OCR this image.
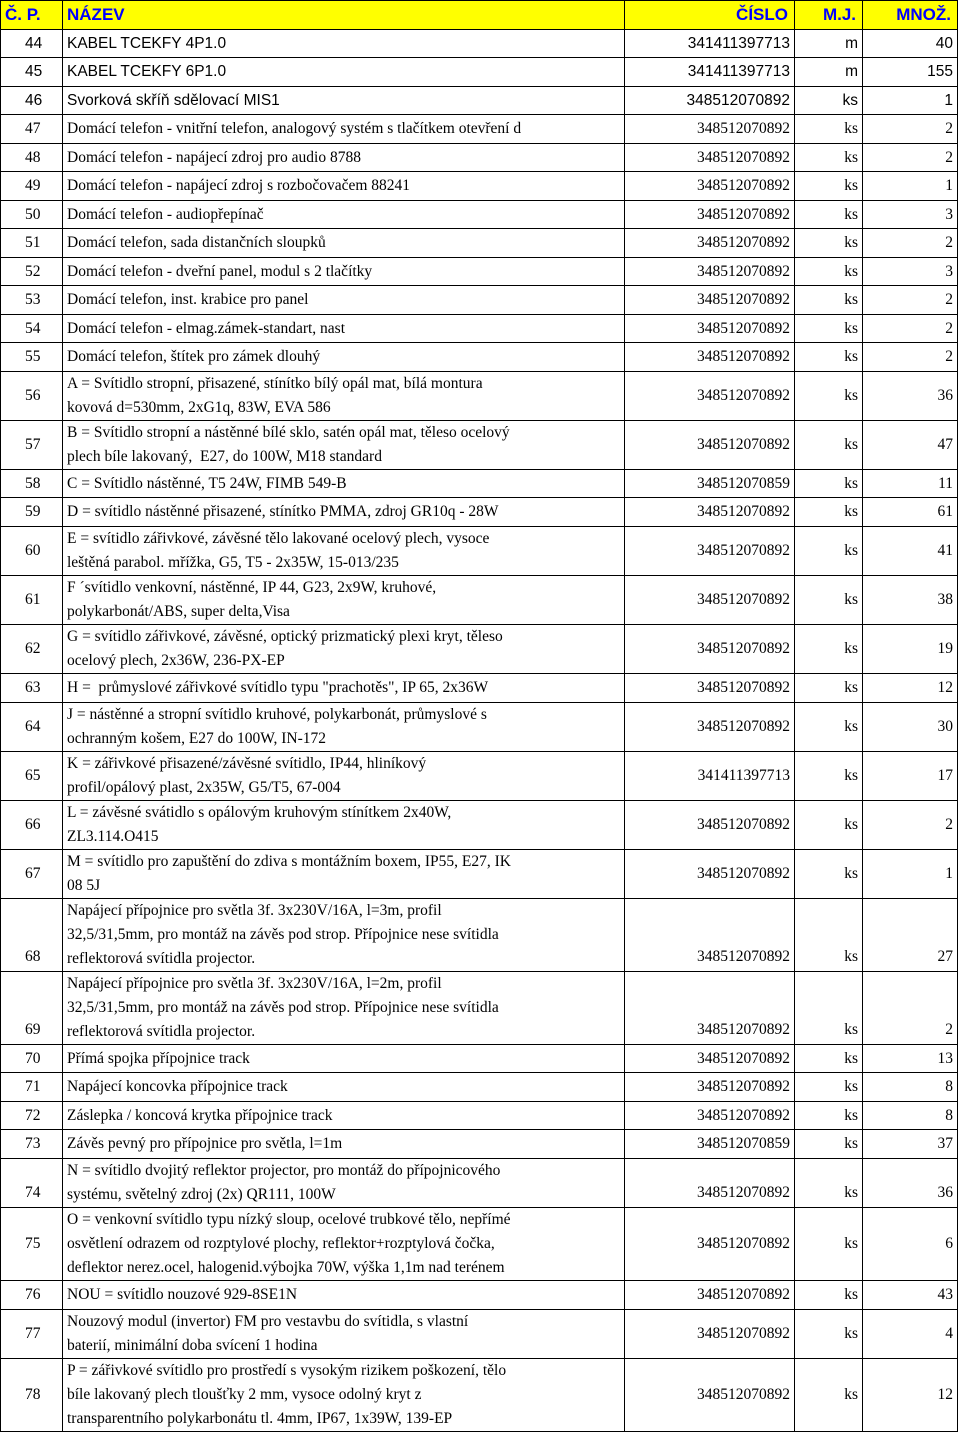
Č. P.	NÁZEV	ČÍSLO	M.J.	MNOŽ.
44	KABEL TCEKFY 4P1.0	341411397713	m	40
45	KABEL TCEKFY 6P1.0	341411397713	m	155
46	Svorková skříň sdělovací MIS1	348512070892	ks	1
47	Domácí telefon - vnitřní telefon, analogový systém s tlačítkem otevření d	348512070892	ks	2
48	Domácí telefon - napájecí zdroj pro audio 8788	348512070892	ks	2
49	Domácí telefon - napájecí zdroj s rozbočovačem 88241	348512070892	ks	1
50	Domácí telefon - audiopřepínač	348512070892	ks	3
51	Domácí telefon, sada distančních sloupků	348512070892	ks	2
52	Domácí telefon - dveřní panel, modul s 2 tlačítky	348512070892	ks	3
53	Domácí telefon, inst. krabice pro panel	348512070892	ks	2
54	Domácí telefon - elmag.zámek-standart, nast	348512070892	ks	2
55	Domácí telefon, štítek pro zámek dlouhý	348512070892	ks	2
56	A = Svítidlo stropní, přisazené, stínítko bílý opál mat, bílá montura
kovová d=530mm, 2xG1q, 83W, EVA 586	348512070892	ks	36
57	B = Svítidlo stropní a nástěnné bílé sklo, satén opál mat, těleso ocelový
plech bíle lakovaný,  E27, do 100W, M18 standard	348512070892	ks	47
58	C = Svítidlo nástěnné, T5 24W, FIMB 549-B	348512070859	ks	11
59	D = svítidlo nástěnné přisazené, stínítko PMMA, zdroj GR10q - 28W	348512070892	ks	61
60	E = svítidlo zářivkové, závěsné tělo lakované ocelový plech, vysoce
leštěná parabol. mřížka, G5, T5 - 2x35W, 15-013/235	348512070892	ks	41
61	F ´svítidlo venkovní, nástěnné, IP 44, G23, 2x9W, kruhové,
polykarbonát/ABS, super delta,Visa	348512070892	ks	38
62	G = svítidlo zářivkové, závěsné, optický prizmatický plexi kryt, těleso
ocelový plech, 2x36W, 236-PX-EP	348512070892	ks	19
63	H =  průmyslové zářivkové svítidlo typu "prachotěs", IP 65, 2x36W	348512070892	ks	12
64	J = nástěnné a stropní svítidlo kruhové, polykarbonát, průmyslové s
ochranným košem, E27 do 100W, IN-172	348512070892	ks	30
65	K = zářivkové přisazené/závěsné svítidlo, IP44, hliníkový
profil/opálový plast, 2x35W, G5/T5, 67-004	341411397713	ks	17
66	L = závěsné svátidlo s opálovým kruhovým stínítkem 2x40W,
ZL3.114.O415	348512070892	ks	2
67	M = svítidlo pro zapuštění do zdiva s montážním boxem, IP55, E27, IK
08 5J	348512070892	ks	1
68	Napájecí přípojnice pro světla 3f. 3x230V/16A, l=3m, profil
32,5/31,5mm, pro montáž na závěs pod strop. Přípojnice nese svítidla
reflektorová svítidla projector.	348512070892	ks	27
69	Napájecí přípojnice pro světla 3f. 3x230V/16A, l=2m, profil
32,5/31,5mm, pro montáž na závěs pod strop. Přípojnice nese svítidla
reflektorová svítidla projector.	348512070892	ks	2
70	Přímá spojka přípojnice track	348512070892	ks	13
71	Napájecí koncovka přípojnice track	348512070892	ks	8
72	Záslepka / koncová krytka přípojnice track	348512070892	ks	8
73	Závěs pevný pro přípojnice pro světla, l=1m	348512070859	ks	37
74	N = svítidlo dvojitý reflektor projector, pro montáž do přípojnicového
systému, světelný zdroj (2x) QR111, 100W	348512070892	ks	36
75	O = venkovní svítidlo typu nízký sloup, ocelové trubkové tělo, nepřímé
osvětlení odrazem od rozptylové plochy, reflektor+rozptylová čočka,
deflektor nerez.ocel, halogenid.výbojka 70W, výška 1,1m nad terénem	348512070892	ks	6
76	NOU = svítidlo nouzové 929-8SE1N	348512070892	ks	43
77	Nouzový modul (invertor) FM pro vestavbu do svítidla, s vlastní
baterií, minimální doba svícení 1 hodina	348512070892	ks	4
78	P = zářivkové svítidlo pro prostředí s vysokým rizikem poškození, tělo
bíle lakovaný plech tloušťky 2 mm, vysoce odolný kryt z
transparentního polykarbonátu tl. 4mm, IP67, 1x39W, 139-EP	348512070892	ks	12
